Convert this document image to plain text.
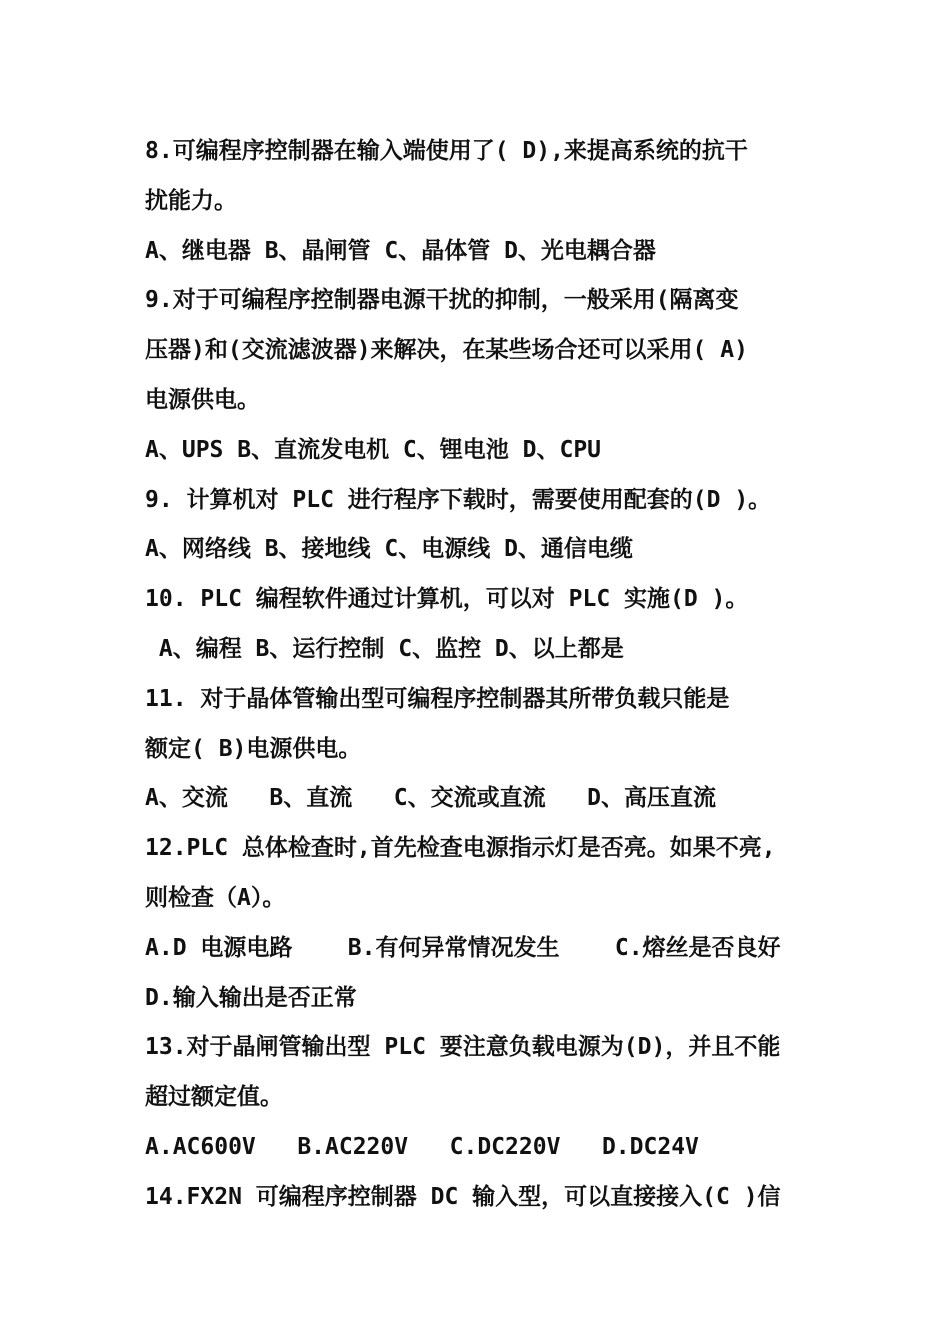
8.可编程序控制器在输入端使用了( D),来提高系统的抗干
扰能力。
A、继电器 B、晶闸管 C、晶体管 D、光电耦合器
9.对于可编程序控制器电源干扰的抑制，一般采用(隔离变
压器)和(交流滤波器)来解决，在某些场合还可以采用( A)
电源供电。
A、UPS B、直流发电机 C、锂电池 D、CPU
9. 计算机对 PLC 进行程序下载时，需要使用配套的(D )。
A、网络线 B、接地线 C、电源线 D、通信电缆
10. PLC 编程软件通过计算机，可以对 PLC 实施(D )。
A、编程 B、运行控制 C、监控 D、以上都是
11. 对于晶体管输出型可编程序控制器其所带负载只能是
额定( B)电源供电。
A、交流   B、直流   C、交流或直流   D、高压直流
12.PLC 总体检查时,首先检查电源指示灯是否亮。如果不亮,
则检查（A）。
A.D 电源电路    B.有何异常情况发生    C.熔丝是否良好
D.输入输出是否正常
13.对于晶闸管输出型 PLC 要注意负载电源为(D)，并且不能
超过额定值。
A.AC600V   B.AC220V   C.DC220V   D.DC24V
14.FX2N 可编程序控制器 DC 输入型，可以直接接入(C )信
